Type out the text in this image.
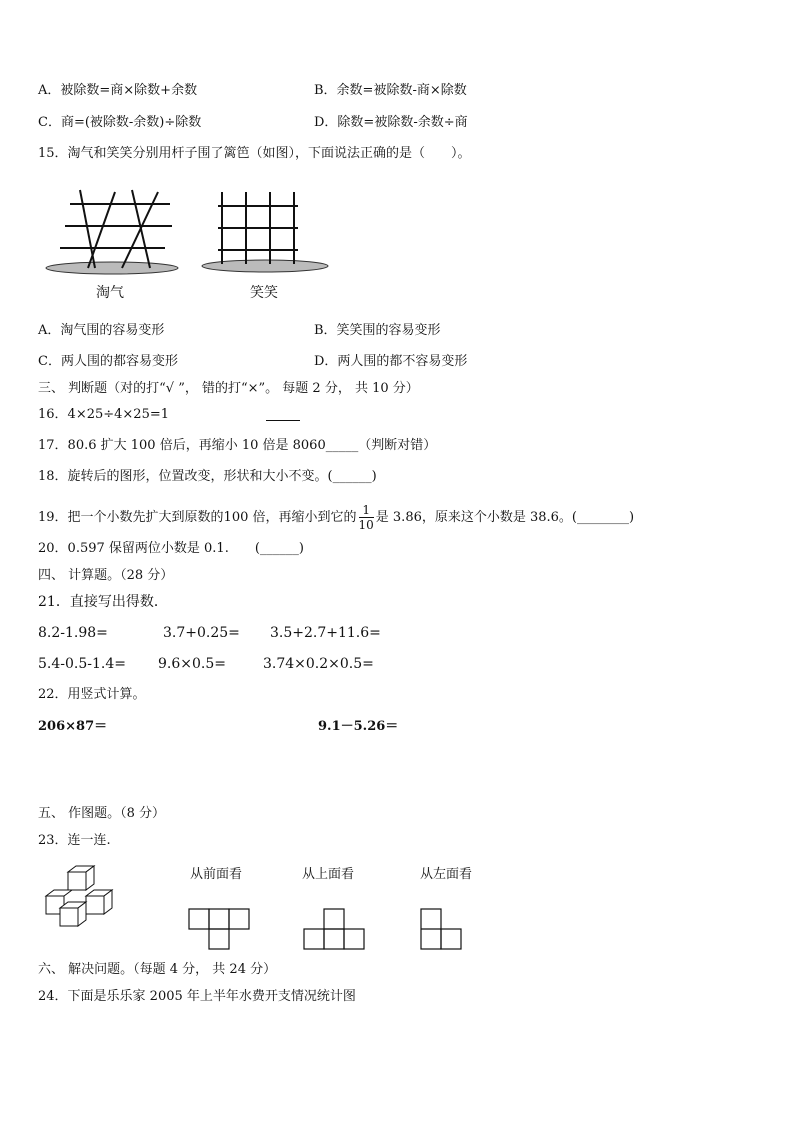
A．被除数=商×除数+余数	B．余数=被除数-商×除数
C．商=(被除数-余数)÷除数	D．除数=被除数-余数÷商
15．淘气和笑笑分别用杆子围了篱笆（如图），下面说法正确的是（　　）。
淘气	笑笑
A．淘气围的容易变形	B．笑笑围的容易变形
C．两人围的都容易变形	D．两人围的都不容易变形
三、 判断题（对的打“√ ”， 错的打“×”。 每题 2 分， 共 10 分）
16．4×25÷4×25=1
17．80.6 扩大 100 倍后，再缩小 10 倍是 8060_____（判断对错）
18．旋转后的图形，位置改变，形状和大小不变。(______)
19．把一个小数先扩大到原数的100 倍，再缩小到它的 $\frac{1}{10}$ 是 3.86，原来这个小数是 38.6。(________)
20．0.597 保留两位小数是 0.1.　　(______)
四、 计算题。（28 分）
21．直接写出得数．
8.2-1.98=	3.7+0.25= 3.5+2.7+11.6=
5.4-0.5-1.4= 9.6×0.5=	3.74×0.2×0.5=
22．用竖式计算。
206×87＝	9.1－5.26＝
五、 作图题。（8 分）
23．连一连.
从前面看	从上面看	从左面看
六、 解决问题。（每题 4 分， 共 24 分）
24．下面是乐乐家 2005 年上半年水费开支情况统计图
